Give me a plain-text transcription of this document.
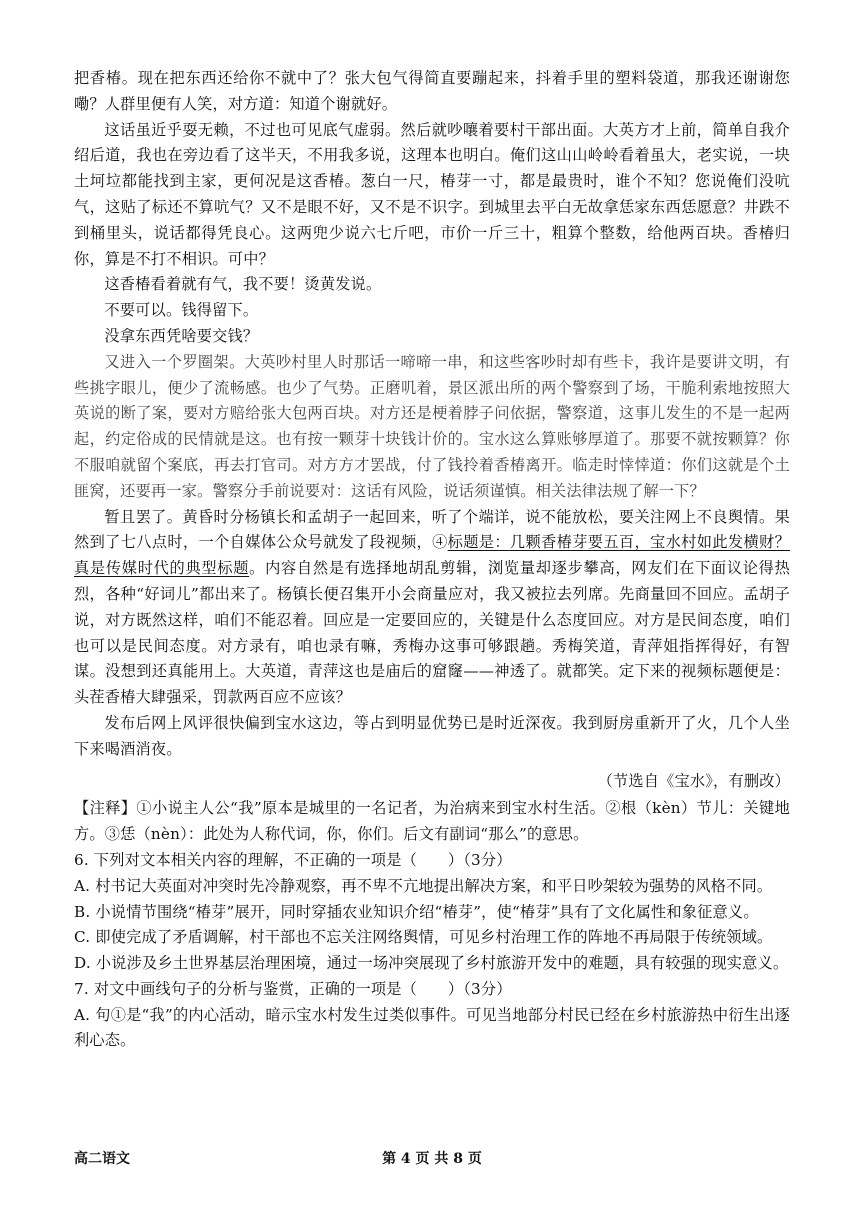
把香椿。现在把东西还给你不就中了？张大包气得简直要蹦起来，抖着手里的塑料袋道，那我还谢谢您嘞？人群里便有人笑，对方道：知道个谢就好。

这话虽近乎耍无赖，不过也可见底气虚弱。然后就吵嚷着要村干部出面。大英方才上前，简单自我介绍后道，我也在旁边看了这半天，不用我多说，这理本也明白。俺们这山山岭岭看着虽大，老实说，一块土坷垃都能找到主家，更何况是这香椿。葱白一尺，椿芽一寸，都是最贵时，谁个不知？您说俺们没吭气，这贴了标还不算吭气？又不是眼不好，又不是不识字。到城里去平白无故拿恁家东西恁愿意？井跌不到桶里头，说话都得凭良心。这两兜少说六七斤吧，市价一斤三十，粗算个整数，给他两百块。香椿归你，算是不打不相识。可中？

这香椿看着就有气，我不要！烫黄发说。

不要可以。钱得留下。

没拿东西凭啥要交钱？

又进入一个罗圈架。大英吵村里人时那话一啼啼一串，和这些客吵时却有些卡，我许是要讲文明，有些挑字眼儿，便少了流畅感。也少了气势。正磨叽着，景区派出所的两个警察到了场，干脆利索地按照大英说的断了案，要对方赔给张大包两百块。对方还是梗着脖子问依据，警察道，这事儿发生的不是一起两起，约定俗成的民情就是这。也有按一颗芽十块钱计价的。宝水这么算账够厚道了。那要不就按颗算？你不服咱就留个案底，再去打官司。对方方才罢战，付了钱拎着香椿离开。临走时悻悻道：你们这就是个土匪窝，还要再一家。警察分手前说要对：这话有风险，说话须谨慎。相关法律法规了解一下？

暂且罢了。黄昏时分杨镇长和孟胡子一起回来，听了个端详，说不能放松，要关注网上不良舆情。果然到了七八点时，一个自媒体公众号就发了段视频，④标题是：几颗香椿芽要五百，宝水村如此发横财？真是传媒时代的典型标题。内容自然是有选择地胡乱剪辑，浏览量却逐步攀高，网友们在下面议论得热烈，各种“好词儿”都出来了。杨镇长便召集开小会商量应对，我又被拉去列席。先商量回不回应。孟胡子说，对方既然这样，咱们不能忍着。回应是一定要回应的，关键是什么态度回应。对方是民间态度，咱们也可以是民间态度。对方录有，咱也录有嘛，秀梅办这事可够跟趟。秀梅笑道，青萍姐指挥得好，有智谋。没想到还真能用上。大英道，青萍这也是庙后的窟窿——神透了。就都笑。定下来的视频标题便是：头茬香椿大肆强采，罚款两百应不应该？

发布后网上风评很快偏到宝水这边，等占到明显优势已是时近深夜。我到厨房重新开了火，几个人坐下来喝酒消夜。

（节选自《宝水》，有删改）

【注释】①小说主人公“我”原本是城里的一名记者，为治病来到宝水村生活。②根（kèn）节儿：关键地方。③恁（nèn）：此处为人称代词，你，你们。后文有副词“那么”的意思。

6. 下列对文本相关内容的理解，不正确的一项是（　　）（3分）

A. 村书记大英面对冲突时先冷静观察，再不卑不亢地提出解决方案，和平日吵架较为强势的风格不同。

B. 小说情节围绕“椿芽”展开，同时穿插农业知识介绍“椿芽”，使“椿芽”具有了文化属性和象征意义。

C. 即使完成了矛盾调解，村干部也不忘关注网络舆情，可见乡村治理工作的阵地不再局限于传统领域。

D. 小说涉及乡土世界基层治理困境，通过一场冲突展现了乡村旅游开发中的难题，具有较强的现实意义。

7. 对文中画线句子的分析与鉴赏，正确的一项是（　　）（3分）

A. 句①是“我”的内心活动，暗示宝水村发生过类似事件。可见当地部分村民已经在乡村旅游热中衍生出逐利心态。

高二语文	第 4 页 共 8 页
